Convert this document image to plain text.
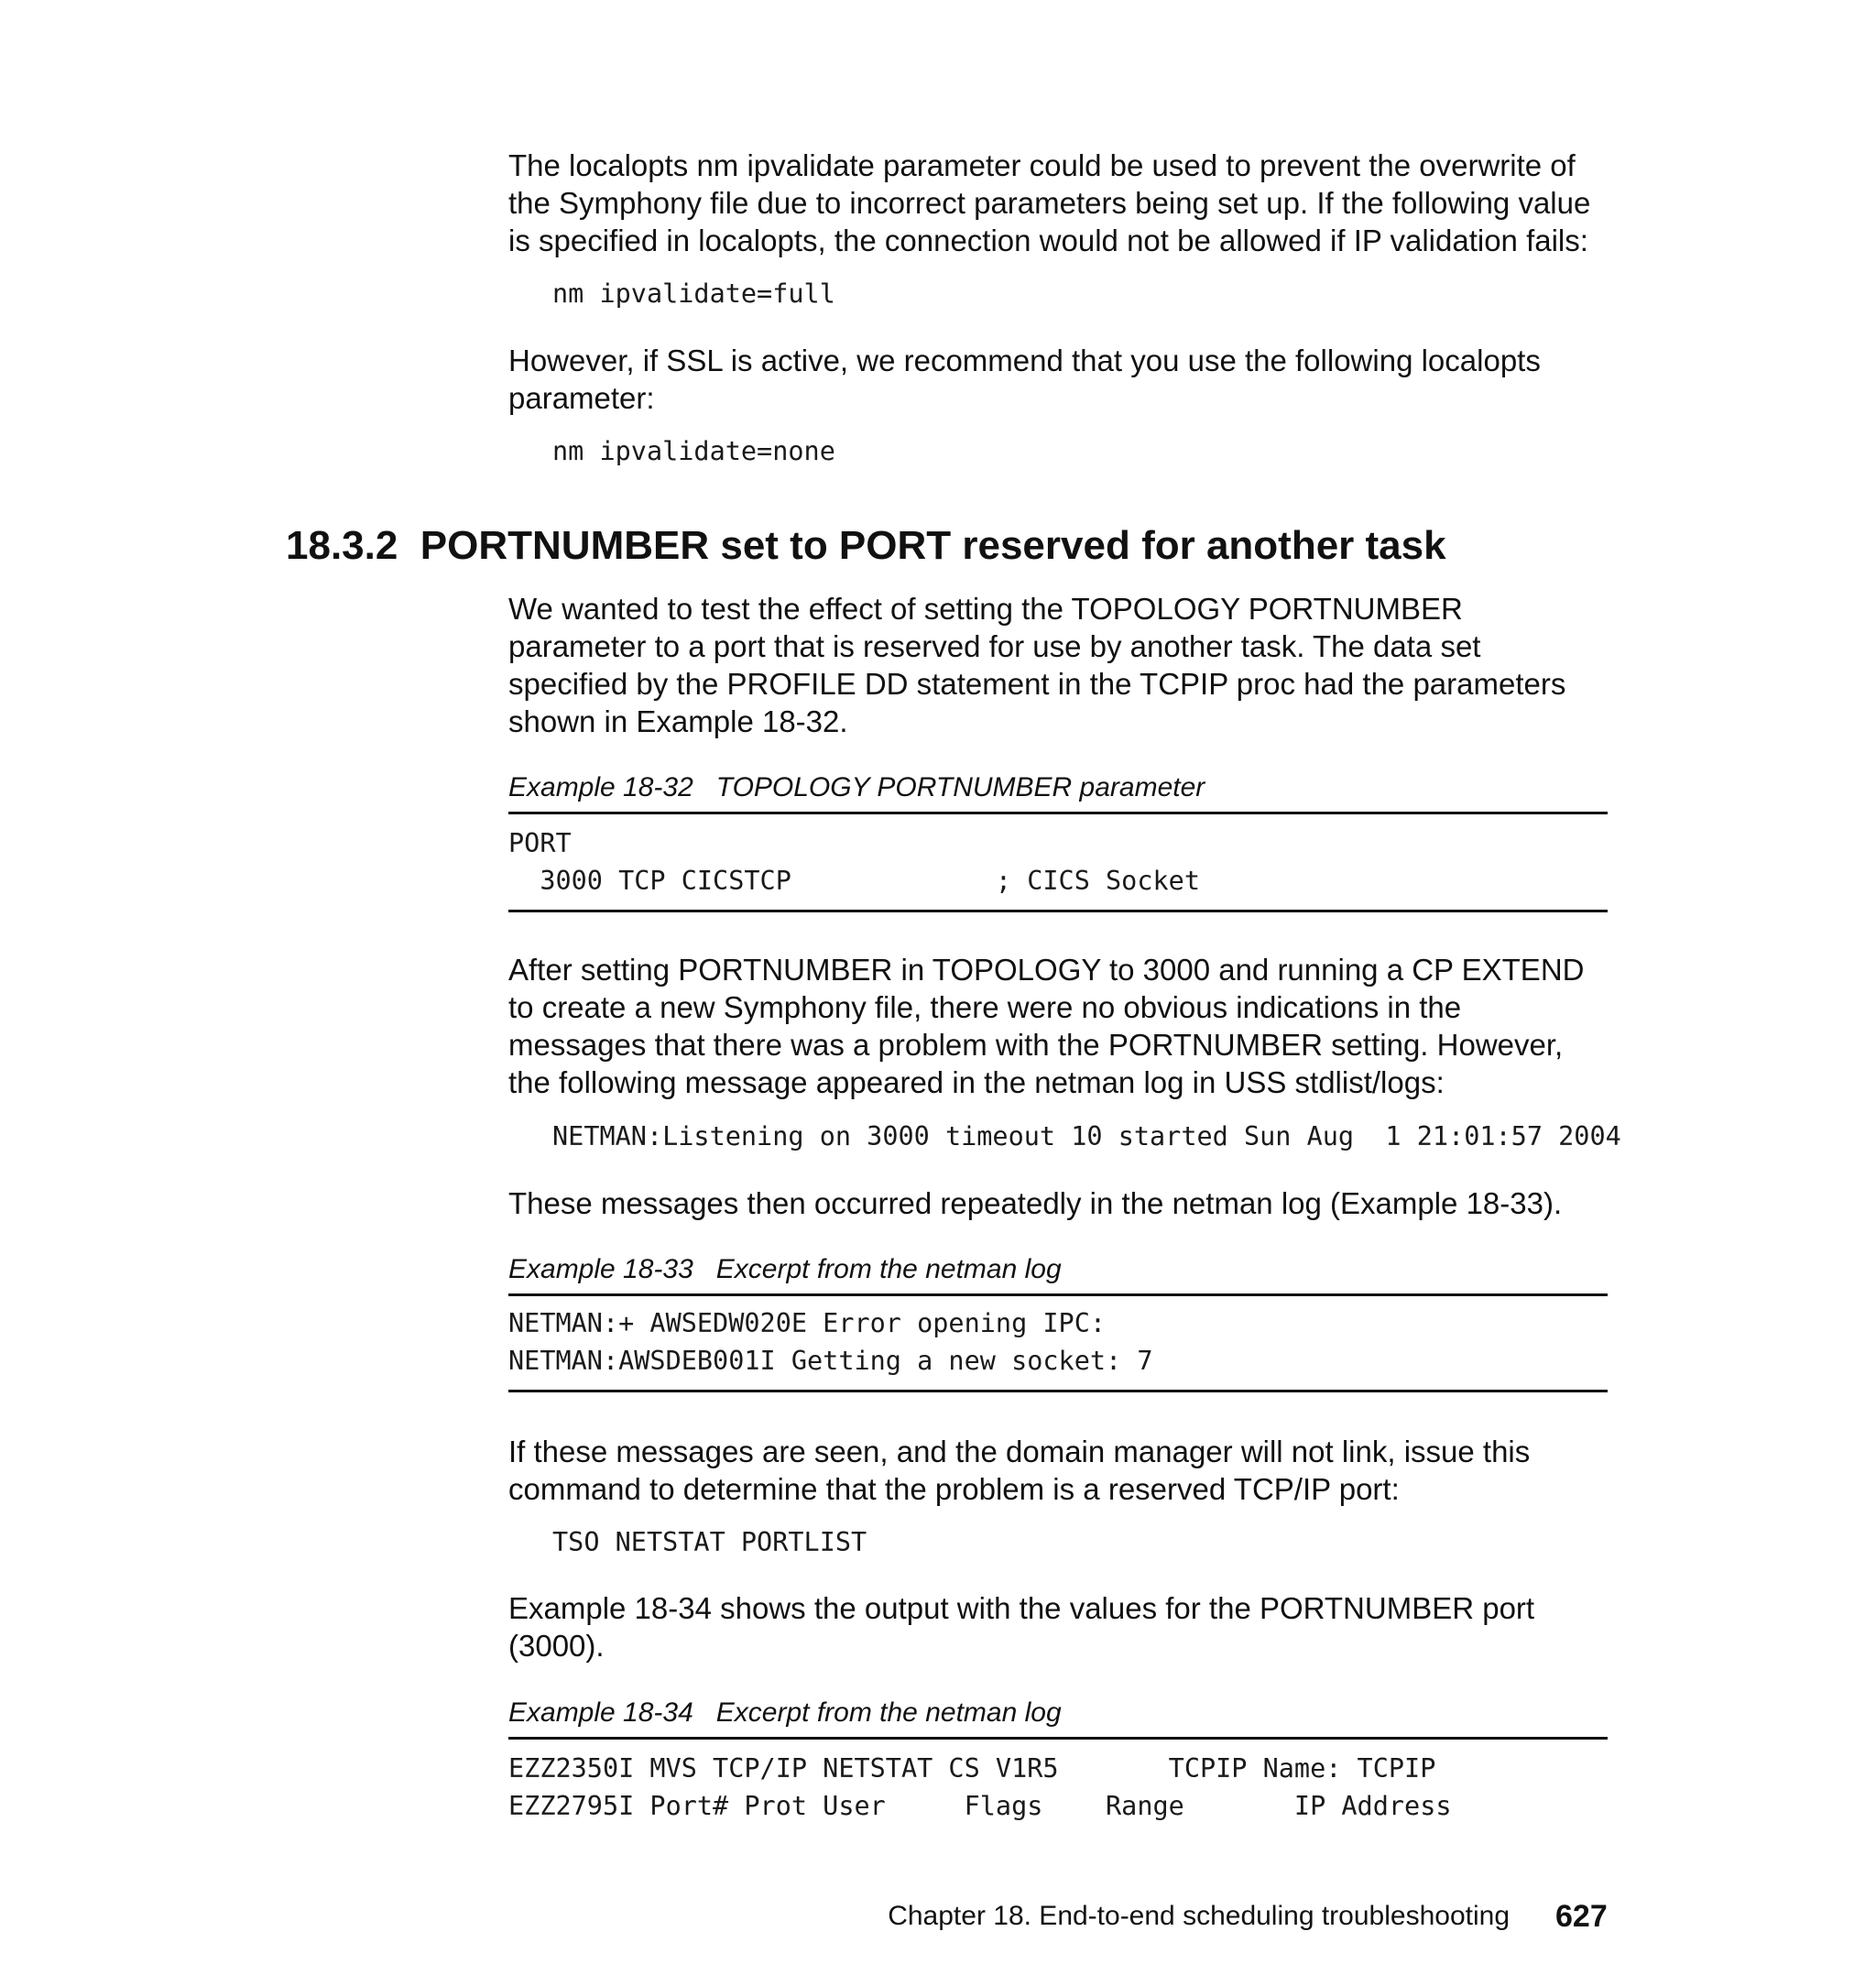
The localopts nm ipvalidate parameter could be used to prevent the overwrite of
the Symphony file due to incorrect parameters being set up. If the following value
is specified in localopts, the connection would not be allowed if IP validation fails:

nm ipvalidate=full

However, if SSL is active, we recommend that you use the following localopts
parameter:

nm ipvalidate=none
18.3.2 PORTNUMBER set to PORT reserved for another task

We wanted to test the effect of setting the TOPOLOGY PORTNUMBER
parameter to a port that is reserved for use by another task. The data set
specified by the PROFILE DD statement in the TCPIP proc had the parameters
shown in Example 18-32.

Example 18-32   TOPOLOGY PORTNUMBER parameter
PORT
3000 TCP CICSTCP             ; CICS Socket

After setting PORTNUMBER in TOPOLOGY to 3000 and running a CP EXTEND
to create a new Symphony file, there were no obvious indications in the
messages that there was a problem with the PORTNUMBER setting. However,
the following message appeared in the netman log in USS stdlist/logs:

NETMAN:Listening on 3000 timeout 10 started Sun Aug  1 21:01:57 2004

These messages then occurred repeatedly in the netman log (Example 18-33).

Example 18-33   Excerpt from the netman log
NETMAN:+ AWSEDW020E Error opening IPC:
NETMAN:AWSDEB001I Getting a new socket: 7

If these messages are seen, and the domain manager will not link, issue this
command to determine that the problem is a reserved TCP/IP port:

TSO NETSTAT PORTLIST

Example 18-34 shows the output with the values for the PORTNUMBER port
(3000).

Example 18-34   Excerpt from the netman log
EZZ2350I MVS TCP/IP NETSTAT CS V1R5       TCPIP Name: TCPIP
EZZ2795I Port# Prot User     Flags    Range       IP Address
Chapter 18. End-to-end scheduling troubleshooting 627
